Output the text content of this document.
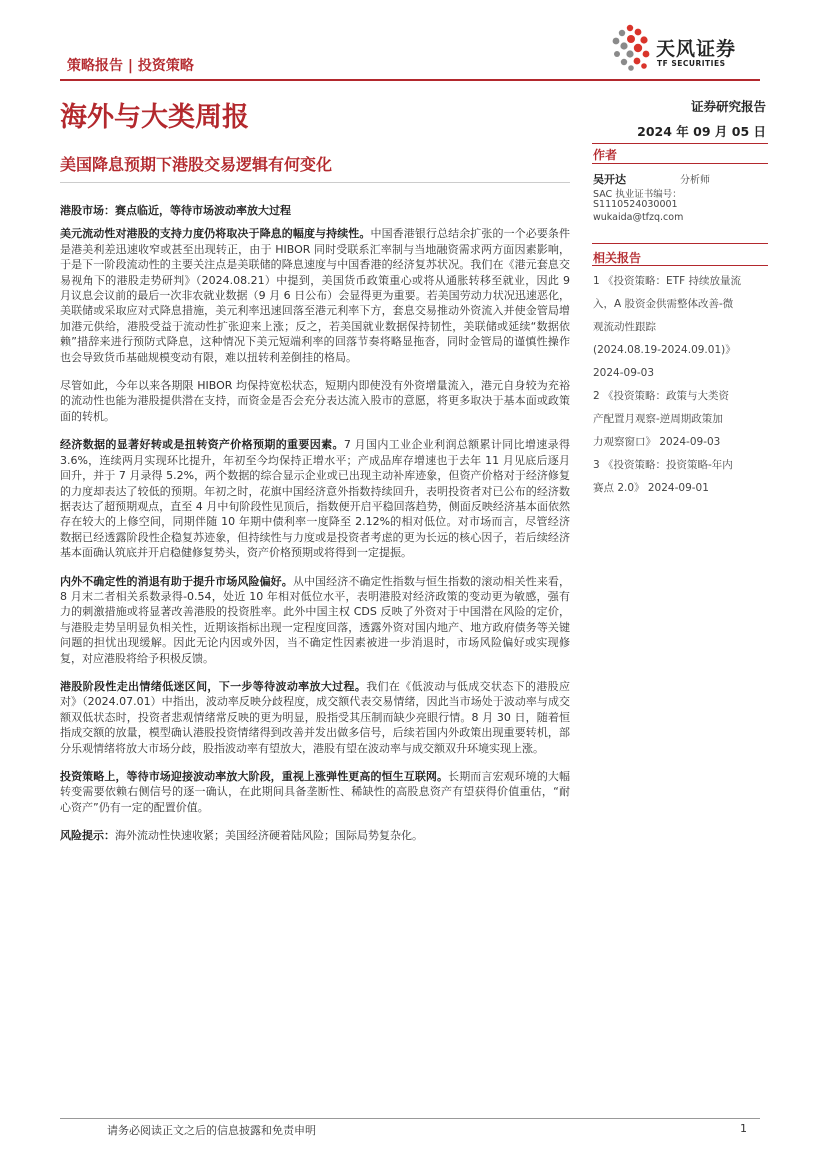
策略报告 | 投资策略
天风证券
TF SECURITIES
海外与大类周报
美国降息预期下港股交易逻辑有何变化
证券研究报告
2024 年 09 月 05 日
作者
吴开达	分析师
SAC 执业证书编号：
S1110524030001
wukaida@tfzq.com
相关报告
1 《投资策略：ETF 持续放量流
入，A 股资金供需整体改善-微
观流动性跟踪
(2024.08.19-2024.09.01)》
2024-09-03
2 《投资策略：政策与大类资
产配置月观察-逆周期政策加
力观察窗口》 2024-09-03
3 《投资策略：投资策略-年内
赛点 2.0》 2024-09-01
港股市场：赛点临近，等待市场波动率放大过程

美元流动性对港股的支持力度仍将取决于降息的幅度与持续性。中国香港银行总结余扩张的一个必要条件是港美利差迅速收窄或甚至出现转正，由于 HIBOR 同时受联系汇率制与当地融资需求两方面因素影响，于是下一阶段流动性的主要关注点是美联储的降息速度与中国香港的经济复苏状况。我们在《港元套息交易视角下的港股走势研判》（2024.08.21）中提到，美国货币政策重心或将从通胀转移至就业，因此 9 月议息会议前的最后一次非农就业数据（9 月 6 日公布）会显得更为重要。若美国劳动力状况迅速恶化，美联储或采取应对式降息措施，美元利率迅速回落至港元利率下方，套息交易推动外资流入并使金管局增加港元供给，港股受益于流动性扩张迎来上涨；反之，若美国就业数据保持韧性，美联储或延续“数据依赖”措辞来进行预防式降息，这种情况下美元短端利率的回落节奏将略显拖沓，同时金管局的谨慎性操作也会导致货币基础规模变动有限，难以扭转利差倒挂的格局。

尽管如此，今年以来各期限 HIBOR 均保持宽松状态，短期内即使没有外资增量流入，港元自身较为充裕的流动性也能为港股提供潜在支持，而资金是否会充分表达流入股市的意愿，将更多取决于基本面或政策面的转机。

经济数据的显著好转或是扭转资产价格预期的重要因素。7 月国内工业企业利润总额累计同比增速录得 3.6%，连续两月实现环比提升，年初至今均保持正增水平；产成品库存增速也于去年 11 月见底后逐月回升，并于 7 月录得 5.2%，两个数据的综合显示企业或已出现主动补库迹象，但资产价格对于经济修复的力度却表达了较低的预期。年初之时，花旗中国经济意外指数持续回升，表明投资者对已公布的经济数据表达了超预期观点，直至 4 月中旬阶段性见顶后，指数便开启平稳回落趋势，侧面反映经济基本面依然存在较大的上修空间，同期伴随 10 年期中债利率一度降至 2.12%的相对低位。对市场而言，尽管经济数据已经透露阶段性企稳复苏迹象，但持续性与力度或是投资者考虑的更为长远的核心因子，若后续经济基本面确认筑底并开启稳健修复势头，资产价格预期或将得到一定提振。

内外不确定性的消退有助于提升市场风险偏好。从中国经济不确定性指数与恒生指数的滚动相关性来看，8 月末二者相关系数录得-0.54，处近 10 年相对低位水平，表明港股对经济政策的变动更为敏感，强有力的刺激措施或将显著改善港股的投资胜率。此外中国主权 CDS 反映了外资对于中国潜在风险的定价，与港股走势呈明显负相关性，近期该指标出现一定程度回落，透露外资对国内地产、地方政府债务等关键问题的担忧出现缓解。因此无论内因或外因，当不确定性因素被进一步消退时，市场风险偏好或实现修复，对应港股将给予积极反馈。

港股阶段性走出情绪低迷区间，下一步等待波动率放大过程。我们在《低波动与低成交状态下的港股应对》（2024.07.01）中指出，波动率反映分歧程度，成交额代表交易情绪，因此当市场处于波动率与成交额双低状态时，投资者悲观情绪常反映的更为明显，股指受其压制而缺少亮眼行情。8 月 30 日，随着恒指成交额的放量，模型确认港股投资情绪得到改善并发出做多信号，后续若国内外政策出现重要转机，部分乐观情绪将放大市场分歧，股指波动率有望放大，港股有望在波动率与成交额双升环境实现上涨。

投资策略上，等待市场迎接波动率放大阶段，重视上涨弹性更高的恒生互联网。长期而言宏观环境的大幅转变需要依赖右侧信号的逐一确认，在此期间具备垄断性、稀缺性的高股息资产有望获得价值重估，“耐心资产”仍有一定的配置价值。

风险提示：海外流动性快速收紧；美国经济硬着陆风险；国际局势复杂化。

请务必阅读正文之后的信息披露和免责申明	1
